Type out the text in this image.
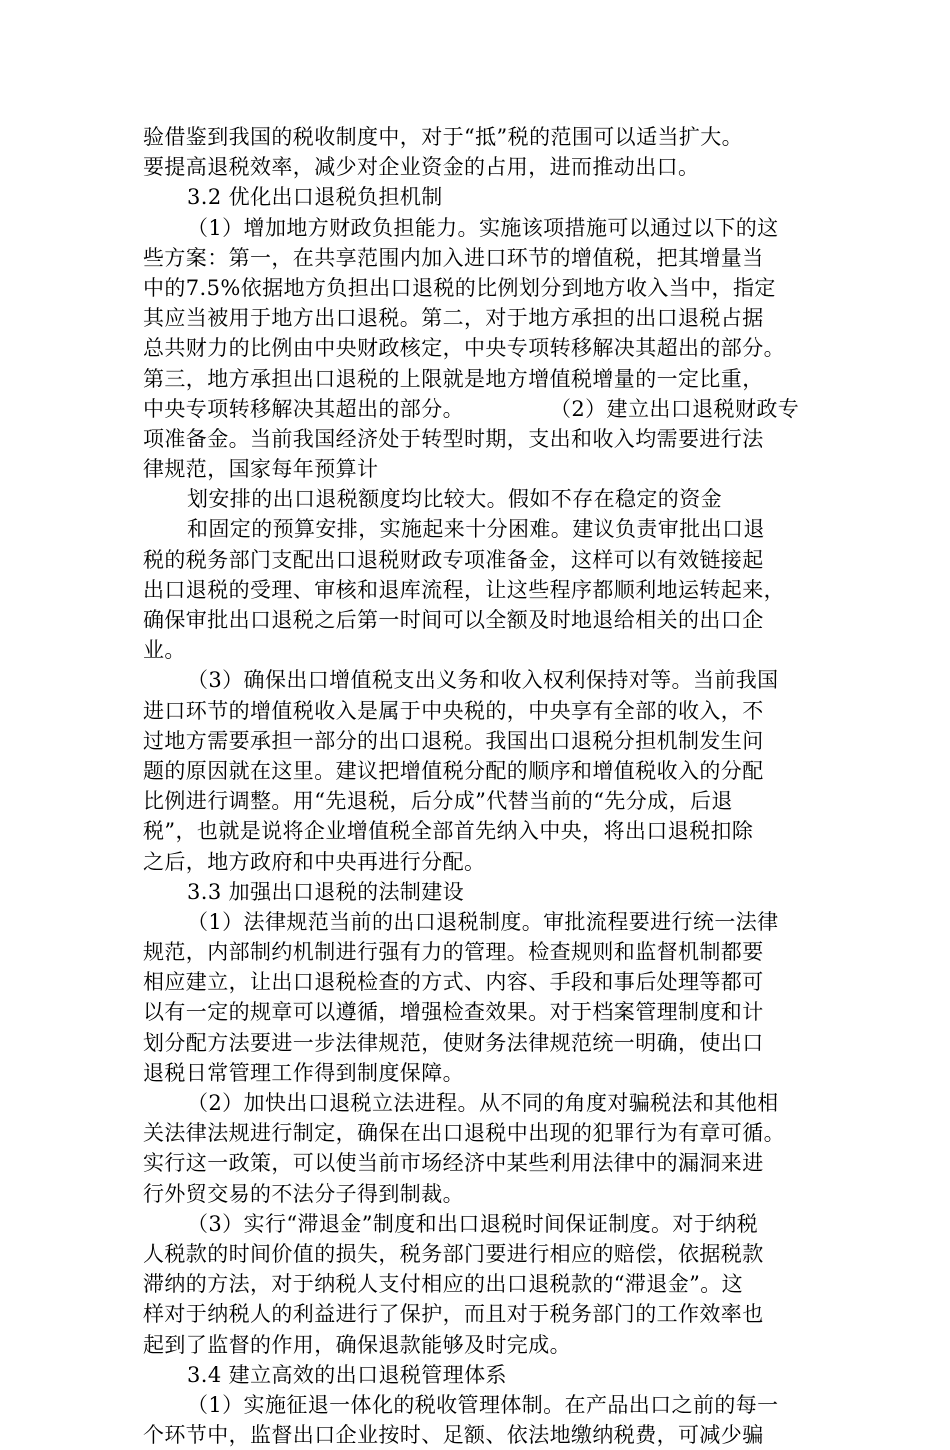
验借鉴到我国的税收制度中，对于“抵”税的范围可以适当扩大。
要提高退税效率，减少对企业资金的占用，进而推动出口。
3.2 优化出口退税负担机制
（1）增加地方财政负担能力。实施该项措施可以通过以下的这
些方案：第一，在共享范围内加入进口环节的增值税，把其增量当
中的7.5%依据地方负担出口退税的比例划分到地方收入当中，指定
其应当被用于地方出口退税。第二，对于地方承担的出口退税占据
总共财力的比例由中央财政核定，中央专项转移解决其超出的部分。
第三，地方承担出口退税的上限就是地方增值税增量的一定比重，
中央专项转移解决其超出的部分。　　　　　（2）建立出口退税财政专
项准备金。当前我国经济处于转型时期，支出和收入均需要进行法
律规范，国家每年预算计
划安排的出口退税额度均比较大。假如不存在稳定的资金
和固定的预算安排，实施起来十分困难。建议负责审批出口退
税的税务部门支配出口退税财政专项准备金，这样可以有效链接起
出口退税的受理、审核和退库流程，让这些程序都顺利地运转起来，
确保审批出口退税之后第一时间可以全额及时地退给相关的出口企
业。
（3）确保出口增值税支出义务和收入权利保持对等。当前我国
进口环节的增值税收入是属于中央税的，中央享有全部的收入，不
过地方需要承担一部分的出口退税。我国出口退税分担机制发生问
题的原因就在这里。建议把增值税分配的顺序和增值税收入的分配
比例进行调整。用“先退税，后分成”代替当前的“先分成，后退
税”，也就是说将企业增值税全部首先纳入中央，将出口退税扣除
之后，地方政府和中央再进行分配。
3.3 加强出口退税的法制建设
（1）法律规范当前的出口退税制度。审批流程要进行统一法律
规范，内部制约机制进行强有力的管理。检查规则和监督机制都要
相应建立，让出口退税检查的方式、内容、手段和事后处理等都可
以有一定的规章可以遵循，增强检查效果。对于档案管理制度和计
划分配方法要进一步法律规范，使财务法律规范统一明确，使出口
退税日常管理工作得到制度保障。
（2）加快出口退税立法进程。从不同的角度对骗税法和其他相
关法律法规进行制定，确保在出口退税中出现的犯罪行为有章可循。
实行这一政策，可以使当前市场经济中某些利用法律中的漏洞来进
行外贸交易的不法分子得到制裁。
（3）实行“滞退金”制度和出口退税时间保证制度。对于纳税
人税款的时间价值的损失，税务部门要进行相应的赔偿，依据税款
滞纳的方法，对于纳税人支付相应的出口退税款的“滞退金”。这
样对于纳税人的利益进行了保护，而且对于税务部门的工作效率也
起到了监督的作用，确保退款能够及时完成。
3.4 建立高效的出口退税管理体系
（1）实施征退一体化的税收管理体制。在产品出口之前的每一
个环节中，监督出口企业按时、足额、依法地缴纳税费，可减少骗
